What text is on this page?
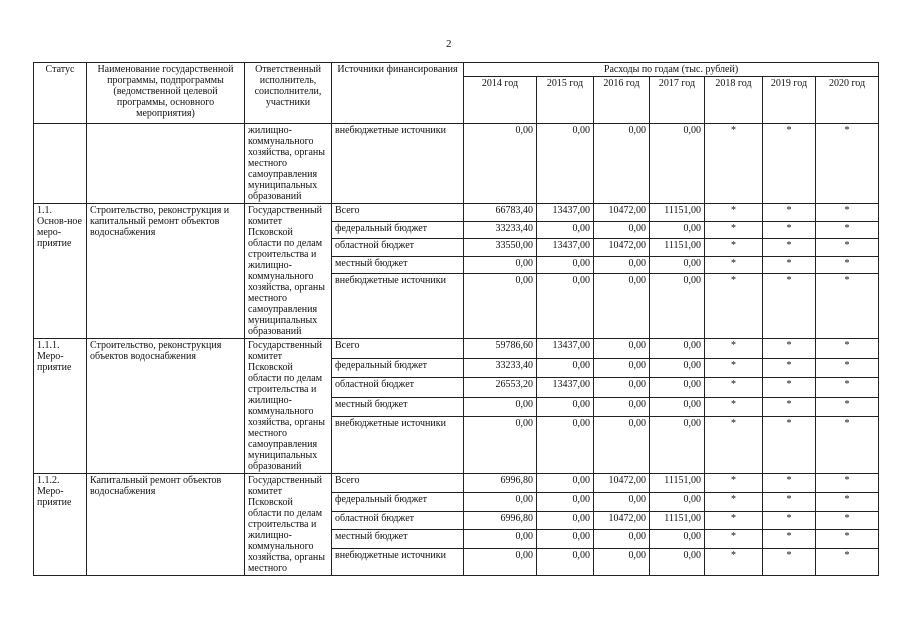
2
Статус	Наименование государственной программы, подпрограммы (ведомственной целевой программы, основного мероприятия)	Ответственный исполнитель, соисполнители, участники	Источники финансирования	Расходы по годам (тыс. рублей)						
				2014 год	2015 год	2016 год	2017 год	2018 год	2019 год	2020 год
		жилищно-коммунального хозяйства, органы местного самоуправления муниципальных образований	внебюджетные источники	0,00	0,00	0,00	0,00	*	*	*
1.1. Основ-ное меро-приятие	Строительство, реконструкция и капитальный ремонт объектов водоснабжения	Государственный комитет Псковской области по делам строительства и жилищно-коммунального хозяйства, органы местного самоуправления муниципальных образований	Всего	66783,40	13437,00	10472,00	11151,00	*	*	*
			федеральный бюджет	33233,40	0,00	0,00	0,00	*	*	*
			областной бюджет	33550,00	13437,00	10472,00	11151,00	*	*	*
			местный бюджет	0,00	0,00	0,00	0,00	*	*	*
			внебюджетные источники	0,00	0,00	0,00	0,00	*	*	*
1.1.1. Меро-приятие	Строительство, реконструкция объектов водоснабжения	Государственный комитет Псковской области по делам строительства и жилищно-коммунального хозяйства, органы местного самоуправления муниципальных образований	Всего	59786,60	13437,00	0,00	0,00	*	*	*
			федеральный бюджет	33233,40	0,00	0,00	0,00	*	*	*
			областной бюджет	26553,20	13437,00	0,00	0,00	*	*	*
			местный бюджет	0,00	0,00	0,00	0,00	*	*	*
			внебюджетные источники	0,00	0,00	0,00	0,00	*	*	*
1.1.2. Меро-приятие	Капитальный ремонт объектов водоснабжения	Государственный комитет Псковской области по делам строительства и жилищно-коммунального хозяйства, органы местного	Всего	6996,80	0,00	10472,00	11151,00	*	*	*
			федеральный бюджет	0,00	0,00	0,00	0,00	*	*	*
			областной бюджет	6996,80	0,00	10472,00	11151,00	*	*	*
			местный бюджет	0,00	0,00	0,00	0,00	*	*	*
			внебюджетные источники	0,00	0,00	0,00	0,00	*	*	*
